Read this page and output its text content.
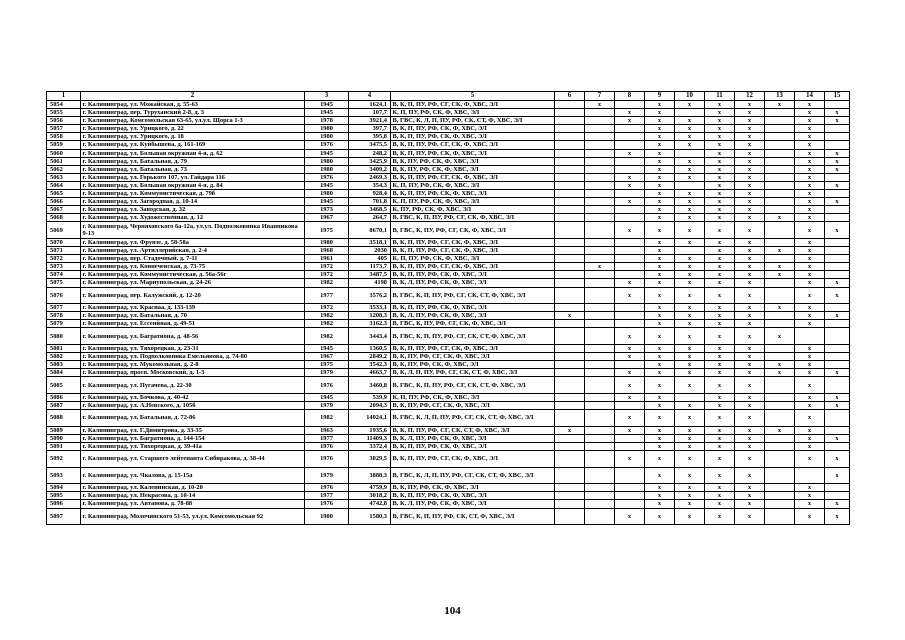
1	2	3	4	5	6	7	8	9	10	11	12	13	14	15
5054	г. Калининград, ул. Можайская, д. 55-63	1945	1624,1	В, К, П, ПУ, РФ, СГ, СК, Ф, ХВС, ЭЛ		х		х	х	х	х	х	х	
5055	г. Калининград, пер. Туруханский 2-8, д. 3	1945	107,7	К, П, ПУ, РФ, СК, Ф, ХВС, ЭЛ			х	х		х	х		х	х
5056	г. Калининград, Комсомольская 63-65, ул.ул. Щорса 1-3	1978	3921,4	В, ГВС, К, Л, П, ПУ, РФ, СК, СТ, Ф, ХВС, ЭЛ			х	х	х	х	х		х	х
5057	г. Калининград, ул. Урицкого, д. 22	1980	397,7	В, К, П, ПУ, РФ, СК, Ф, ХВС, ЭЛ				х	х	х	х		х	
5058	г. Калининград, ул. Урицкого, д. 18	1980	395,8	В, К, П, ПУ, РФ, СК, Ф, ХВС, ЭЛ				х	х	х	х		х	
5059	г. Калининград, ул. Куйбышева, д. 161-169	1976	3475,5	В, К, П, ПУ, РФ, СГ, СК, Ф, ХВС, ЭЛ				х	х	х	х		х	
5060	г. Калининград, ул. Большая окружная 4-я, д. 62	1945	248,2	В, К, П, ПУ, РФ, СК, Ф, ХВС, ЭЛ			х	х		х	х		х	х
5061	г. Калининград, ул. Батальная, д. 79	1980	3425,9	В, К, ПУ, РФ, СК, Ф, ХВС, ЭЛ				х	х	х	х		х	х
5062	г. Калининград, ул. Батальная, д. 73	1980	3409,2	В, К, ПУ, РФ, СК, Ф, ХВС, ЭЛ				х	х	х	х		х	х
5063	г. Калининград, ул. Горького 107, ул. Гайдара 116	1976	2469,3	В, К, П, ПУ, РФ, СГ, СК, Ф, ХВС, ЭЛ			х	х	х	х	х		х	
5064	г. Калининград, ул. Большая окружная 4-я, д. 84	1945	354,3	К, П, ПУ, РФ, СК, Ф, ХВС, ЭЛ			х	х		х	х		х	х
5065	г. Калининград, ул. Коммунистическая, д. 79б	1980	928,4	В, К, П, ПУ, РФ, СК, Ф, ХВС, ЭЛ				х	х	х	х		х	
5066	г. Калининград, ул. Загородная, д. 10-14	1945	701,8	К, П, ПУ, РФ, СК, Ф, ХВС, ЭЛ			х	х	х	х	х		х	х
5067	г. Калининград, ул. Заводская, д. 32	1973	3468,5	К, ПУ, РФ, СК, Ф, ХВС, ЭЛ				х	х	х	х		х	
5068	г. Калининград, ул. Художественная, д. 12	1967	264,7	В, ГВС, К, П, ПУ, РФ, СГ, СК, Ф, ХВС, ЭЛ				х	х	х	х	х	х	
5069	г. Калининград, Черняховского 6а-12а, ул.ул. Подполковника Иванникова 9-13	1975	8670,1	В, ГВС, К, ПУ, РФ, СГ, СК, Ф, ХВС, ЭЛ			х	х	х	х	х		х	х
5070	г. Калининград, ул. Фрунзе, д. 58-58а	1980	3518,1	В, К, П, ПУ, РФ, СГ, СК, Ф, ХВС, ЭЛ				х	х	х	х		х	
5071	г. Калининград, ул. Артиллерийская, д. 2-4	1968	2030	В, К, П, ПУ, РФ, СГ, СК, Ф, ХВС, ЭЛ				х		х	х	х	х	
5072	г. Калининград, пер. Стадочный, д. 7-11	1961	405	К, П, ПУ, РФ, СК, Ф, ХВС, ЭЛ				х	х	х	х		х	
5073	г. Калининград, ул. Коннечевская, д. 73-75	1972	1173,7	В, К, П, ПУ, РФ, СГ, СК, Ф, ХВС, ЭЛ		х		х	х	х	х	х	х	
5074	г. Калининград, ул. Коммунистическая, д. 56а-56г	1972	3487,5	В, К, П, ПУ, РФ, СК, Ф, ХВС, ЭЛ				х	х	х	х	х	х	
5075	г. Калининград, ул. Мариупольская, д. 24-26	1982	4198	В, К, Л, ПУ, РФ, СК, Ф, ХВС, ЭЛ			х	х	х	х	х		х	х
5076	г. Калининград, пер. Калужский, д. 12-20	1977	3576,2	В, ГВС, К, П, ПУ, РФ, СГ, СК, СТ, Ф, ХВС, ЭЛ			х	х	х	х	х		х	х
5077	г. Калининград, ул. Краснаа, д. 133-139	1972	3533,1	В, К, П, ПУ, РФ, СК, Ф, ХВС, ЭЛ				х	х	х	х	х	х	
5078	г. Калининград, ул. Батальная, д. 70	1982	1208,3	В, К, Л, ПУ, РФ, СК, Ф, ХВС, ЭЛ	х			х	х	х	х		х	х
5079	г. Калининград, ул. Ессенйная, д. 49-51	1982	3162,3	В, ГВС, К, ПУ, РФ, СГ, СК, Ф, ХВС, ЭЛ				х	х	х	х		х	
5080	г. Калининград, ул. Багратиона, д. 48-56	1982	3443,4	В, ГВС, К, П, ПУ, РФ, СГ, СК, СТ, Ф, ХВС, ЭЛ			х	х	х	х	х	х		
5081	г. Калининград, ул. Тихорецкая, д. 23-31	1945	1360,5	В, К, П, ПУ, РФ, СГ, СК, Ф, ХВС, ЭЛ			х	х	х	х	х		х	
5082	г. Калининград, ул. Подполковника Емельянова, д. 74-80	1967	2849,2	В, К, ПУ, РФ, СГ, СК, Ф, ХВС, ЭЛ			х	х	х	х	х		х	
5083	г. Калининград, ул. Мукомольная, д. 2-8	1975	3542,3	В, К, ПУ, РФ, СК, Ф, ХВС, ЭЛ				х	х	х	х	х	х	
5084	г. Калининград, просп. Московский, д. 1-3	1979	4663,7	В, К, Л, П, ПУ, РФ, СГ, СК, СТ, Ф, ХВС, ЭЛ			х	х	х	х	х	х	х	х
5085	г. Калининград, ул. Пугачева, д. 22-30	1976	3460,8	В, ГВС, К, П, ПУ, РФ, СГ, СК, СТ, Ф, ХВС, ЭЛ			х	х	х	х	х		х	
5086	г. Калининград, ул. Бочкова, д. 40-42	1945	539,9	К, П, ПУ, РФ, СК, Ф, ХВС, ЭЛ			х	х		х	х		х	х
5087	г. Калининград, ул. А.Невского, д. 105б	1979	2094,3	В, К, ПУ, РФ, СГ, СК, Ф, ХВС, ЭЛ				х	х	х	х		х	х
5088	г. Калининград, ул. Батальная, д. 72-86	1982	14024,1	В, ГВС, К, Л, П, ПУ, РФ, СГ, СК, СТ, Ф, ХВС, ЭЛ			х	х	х	х	х		х	
5089	г. Калининград, ул. Г.Димитрова, д. 33-35	1963	1935,6	В, К, П, ПУ, РФ, СГ, СК, СТ, Ф, ХВС, ЭЛ	х		х	х	х	х	х	х	х	
5090	г. Калининград, ул. Багратиона, д. 144-154	1977	11409,3	В, К, Л, ПУ, РФ, СК, Ф, ХВС, ЭЛ				х	х	х	х		х	х
5091	г. Калининград, ул. Тихорецкая, д. 39-41а	1976	3372,4	В, К, П, ПУ, РФ, СК, Ф, ХВС, ЭЛ				х	х	х	х		х	
5092	г. Калининград, ул. Старшего лейтенанта Сибиракова, д. 38-44	1976	3029,5	В, К, П, ПУ, РФ, СГ, СК, Ф, ХВС, ЭЛ			х	х	х	х	х		х	х
5093	г. Калининград, ул. Чкаловa, д. 15-15а	1979	3888,3	В, ГВС, К, Л, П, ПУ, РФ, СГ, СК, СТ, Ф, ХВС, ЭЛ				х	х	х	х			х
5094	г. Калининград, ул. Каленинская, д. 10-20	1976	4759,9	В, К, ПУ, РФ, СК, Ф, ХВС, ЭЛ				х	х	х	х		х	
5095	г. Калининград, ул. Некрасова, д. 10-14	1977	3018,2	В, К, П, ПУ, РФ, СК, Ф, ХВС, ЭЛ				х	х	х	х		х	
5096	г. Калининград, ул. Автанова, д. 78-88	1976	4742,8	В, К, Л, ПУ, РФ, СК, Ф, ХВС, ЭЛ				х	х	х	х		х	х
5097	г. Калининград, Молочинского 51-53, ул.ул. Комсомольская 92	1980	1580,3	В, ГВС, К, П, ПУ, РФ, СК, СТ, Ф, ХВС, ЭЛ			х	х	х	х	х		х	х
104
